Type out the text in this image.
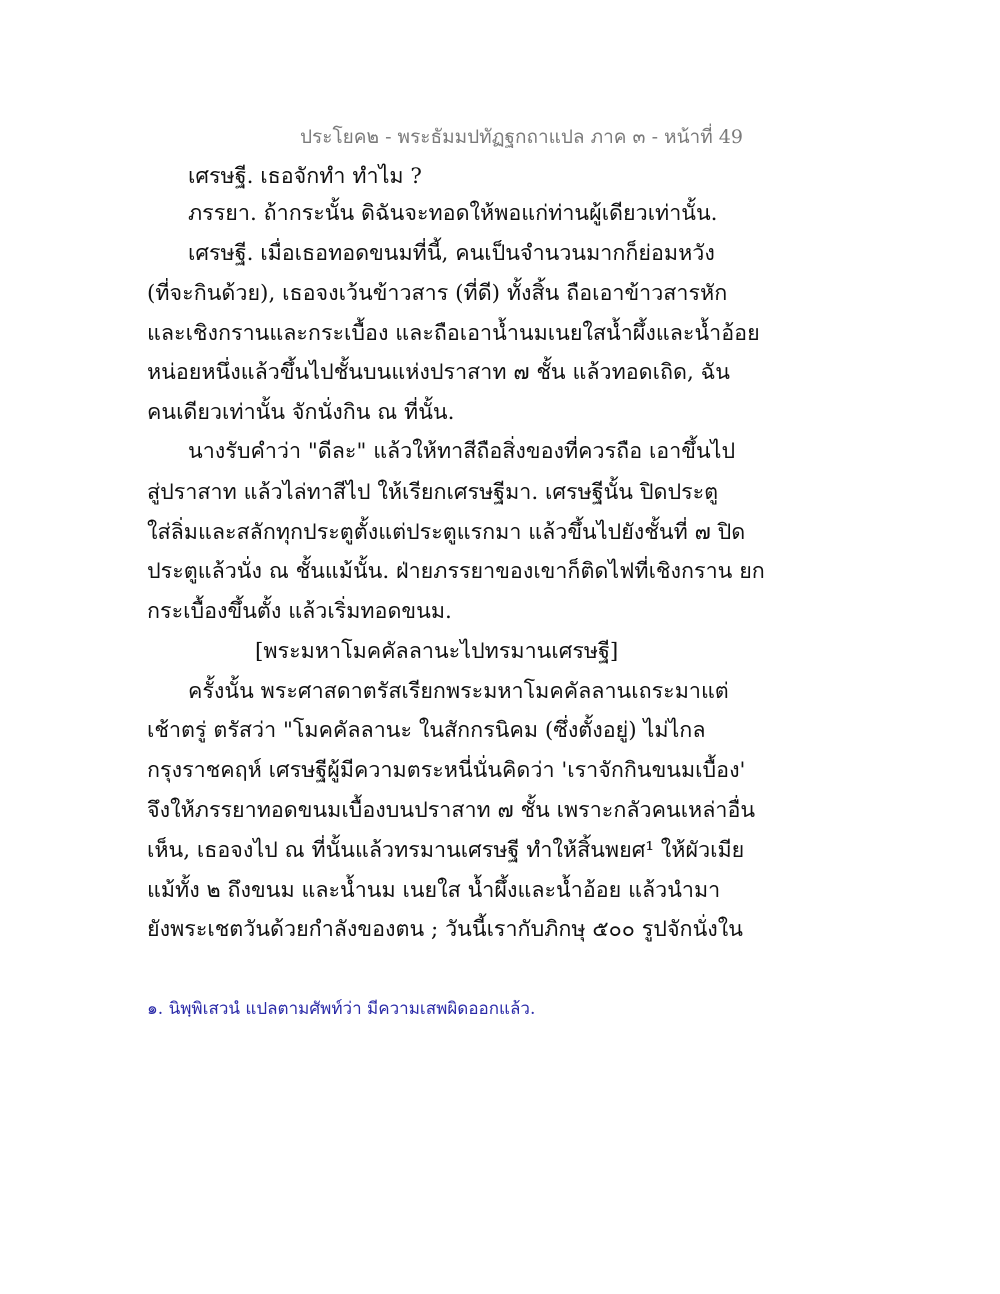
ประโยค๒ - พระธัมมปทัฏฐกถาแปล ภาค ๓ - หน้าที่ 49
เศรษฐี. เธอจักทำ ทำไม ?
ภรรยา. ถ้ากระนั้น ดิฉันจะทอดให้พอแก่ท่านผู้เดียวเท่านั้น.
เศรษฐี. เมื่อเธอทอดขนมที่นี้, คนเป็นจำนวนมากก็ย่อมหวัง
(ที่จะกินด้วย), เธอจงเว้นข้าวสาร (ที่ดี) ทั้งสิ้น ถือเอาข้าวสารหัก
และเชิงกรานและกระเบื้อง และถือเอาน้ำนมเนยใสน้ำผึ้งและน้ำอ้อย
หน่อยหนึ่งแล้วขึ้นไปชั้นบนแห่งปราสาท ๗ ชั้น แล้วทอดเถิด, ฉัน
คนเดียวเท่านั้น จักนั่งกิน ณ ที่นั้น.
นางรับคำว่า "ดีละ" แล้วให้ทาสีถือสิ่งของที่ควรถือ เอาขึ้นไป
สู่ปราสาท แล้วไล่ทาสีไป ให้เรียกเศรษฐีมา. เศรษฐีนั้น ปิดประตู
ใส่ลิ่มและสลักทุกประตูตั้งแต่ประตูแรกมา แล้วขึ้นไปยังชั้นที่ ๗ ปิด
ประตูแล้วนั่ง ณ ชั้นแม้นั้น. ฝ่ายภรรยาของเขาก็ติดไฟที่เชิงกราน ยก
กระเบื้องขึ้นตั้ง แล้วเริ่มทอดขนม.
[พระมหาโมคคัลลานะไปทรมานเศรษฐี]
ครั้งนั้น พระศาสดาตรัสเรียกพระมหาโมคคัลลานเถระมาแต่
เช้าตรู่ ตรัสว่า "โมคคัลลานะ ในสักกรนิคม (ซึ่งตั้งอยู่) ไม่ไกล
กรุงราชคฤห์ เศรษฐีผู้มีความตระหนี่นั่นคิดว่า 'เราจักกินขนมเบื้อง'
จึงให้ภรรยาทอดขนมเบื้องบนปราสาท ๗ ชั้น เพราะกลัวคนเหล่าอื่น
เห็น, เธอจงไป ณ ที่นั้นแล้วทรมานเศรษฐี ทำให้สิ้นพยศ¹ ให้ผัวเมีย
แม้ทั้ง ๒ ถึงขนม และน้ำนม เนยใส น้ำผึ้งและน้ำอ้อย แล้วนำมา
ยังพระเชตวันด้วยกำลังของตน ; วันนี้เรากับภิกษุ ๕๐๐ รูปจักนั่งใน
๑. นิพฺพิเสวนํ แปลตามศัพท์ว่า มีความเสพผิดออกแล้ว.
